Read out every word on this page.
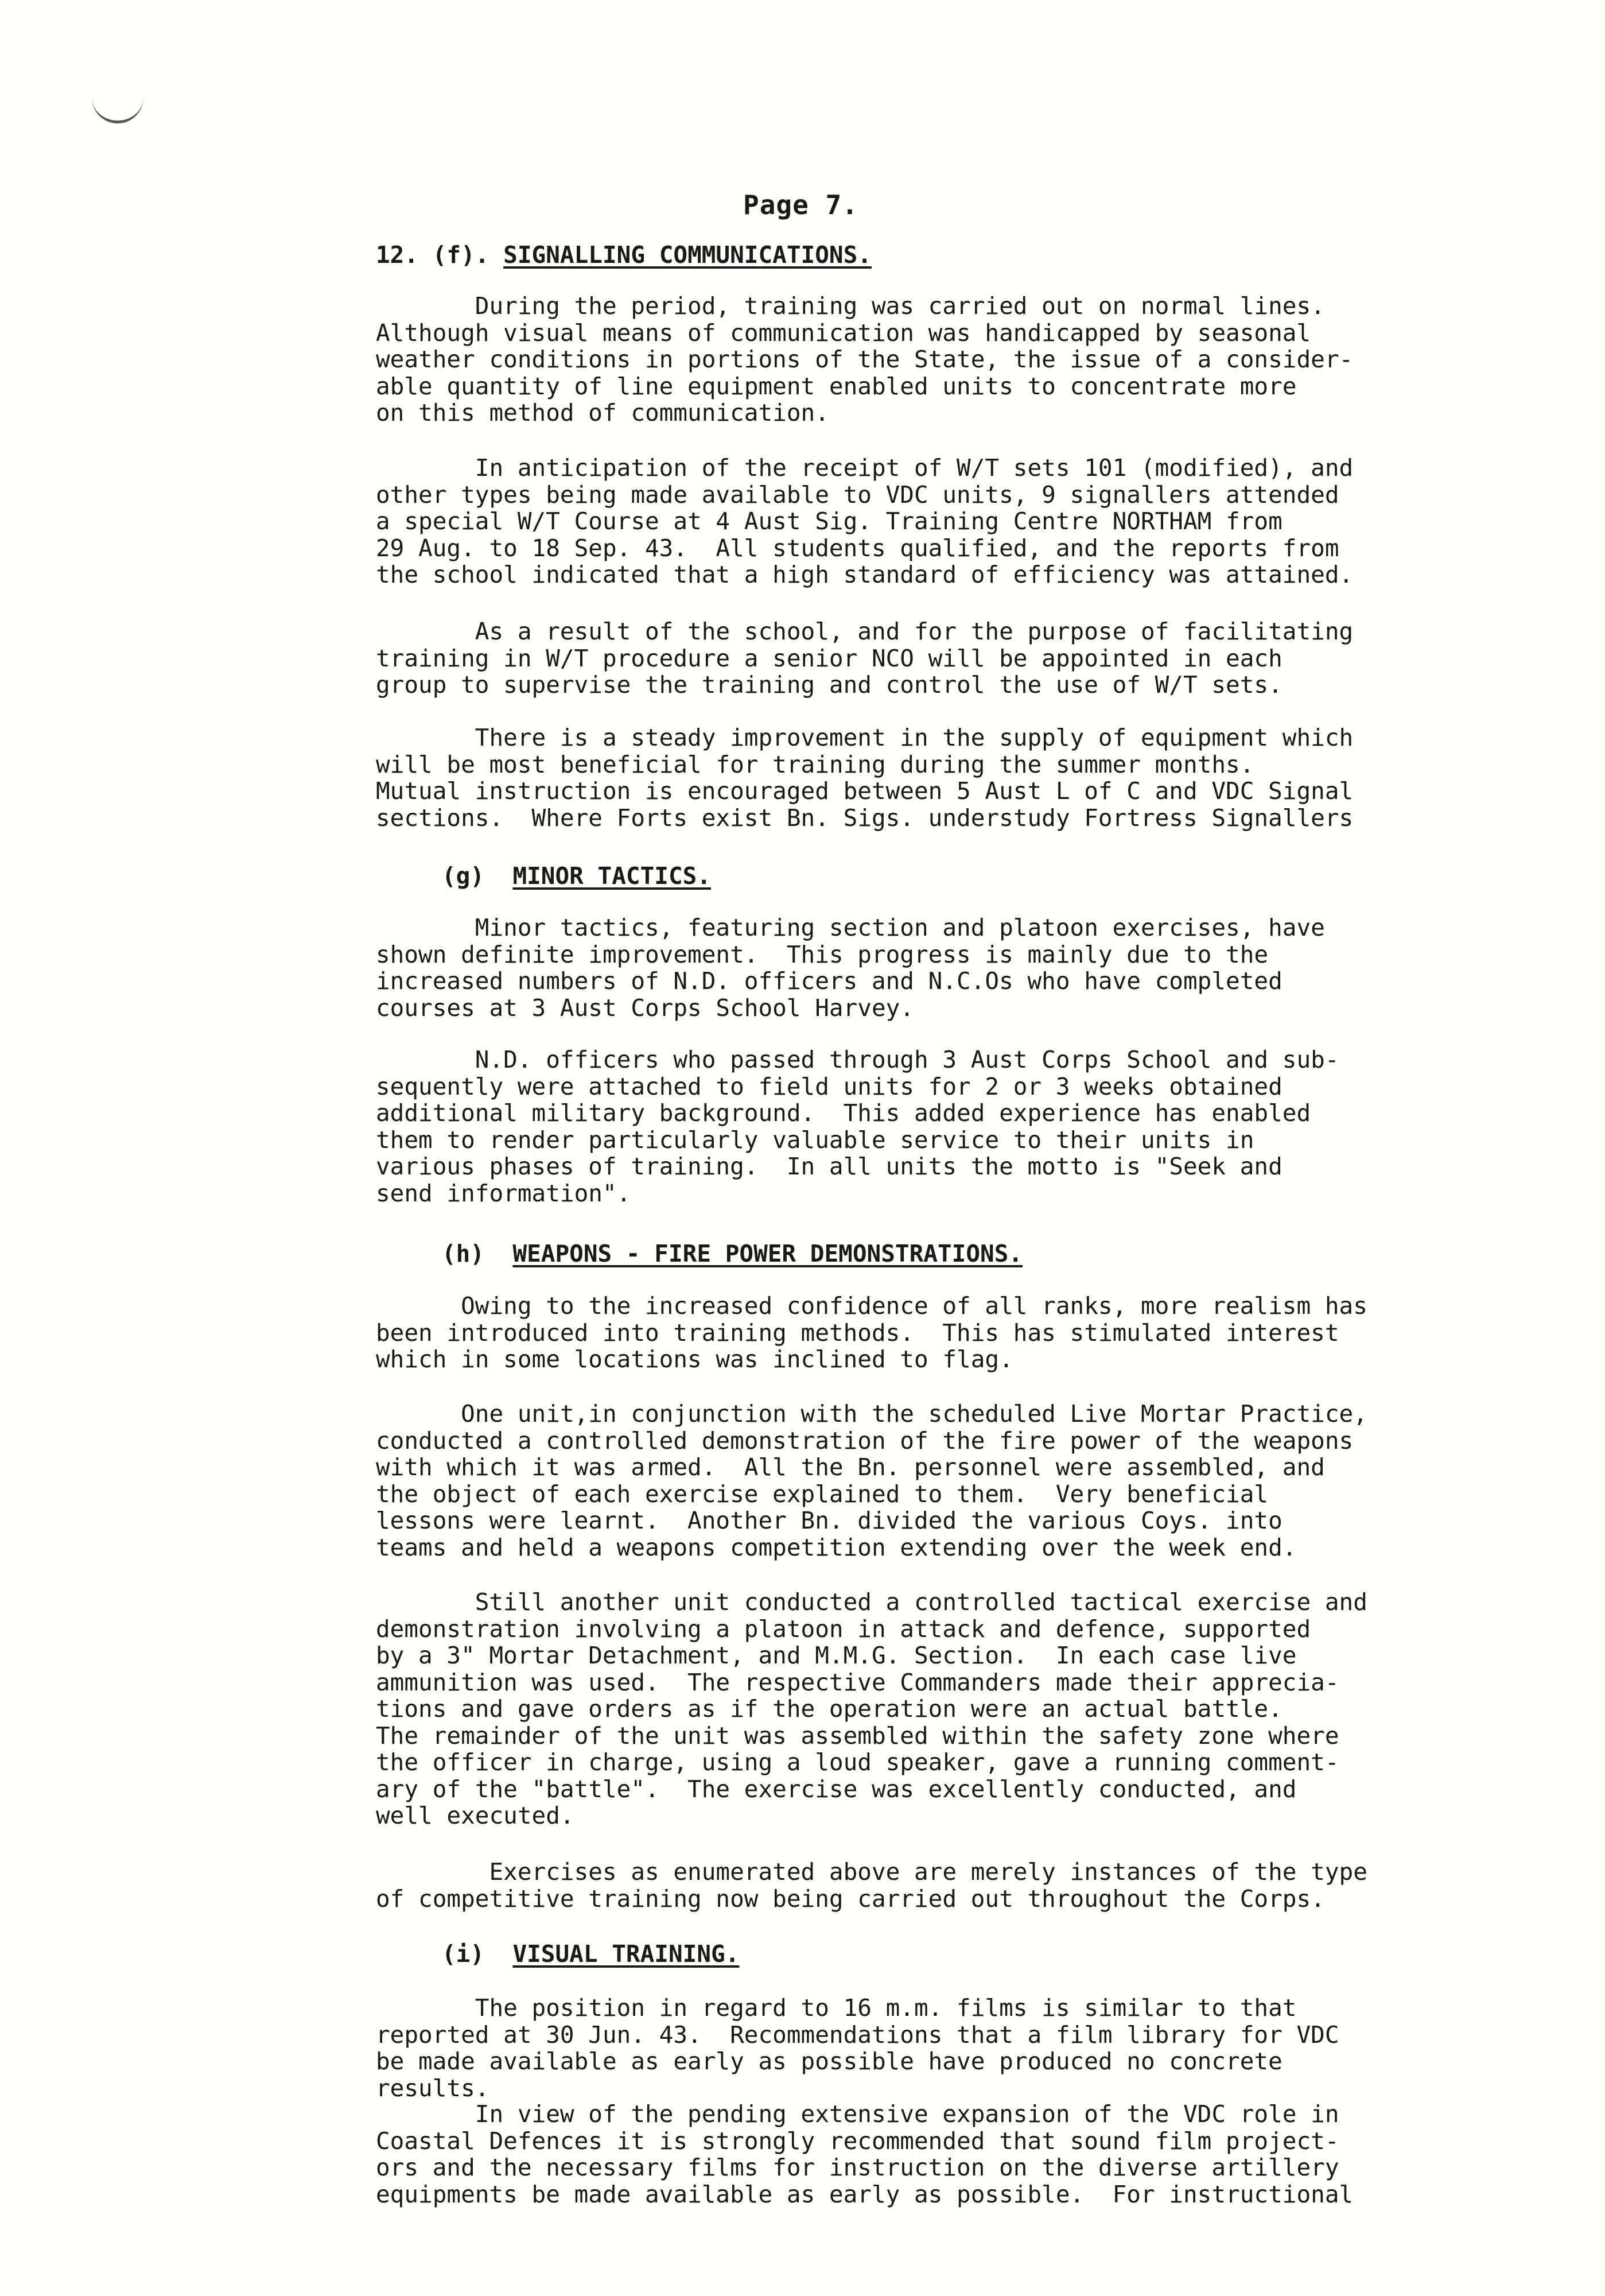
Page 7.
12. (f). SIGNALLING COMMUNICATIONS.
During the period, training was carried out on normal lines.
Although visual means of communication was handicapped by seasonal
weather conditions in portions of the State, the issue of a consider-
able quantity of line equipment enabled units to concentrate more
on this method of communication.
In anticipation of the receipt of W/T sets 101 (modified), and
other types being made available to VDC units, 9 signallers attended
a special W/T Course at 4 Aust Sig. Training Centre NORTHAM from
29 Aug. to 18 Sep. 43.  All students qualified, and the reports from
the school indicated that a high standard of efficiency was attained.
As a result of the school, and for the purpose of facilitating
training in W/T procedure a senior NCO will be appointed in each
group to supervise the training and control the use of W/T sets.
There is a steady improvement in the supply of equipment which
will be most beneficial for training during the summer months.
Mutual instruction is encouraged between 5 Aust L of C and VDC Signal
sections.  Where Forts exist Bn. Sigs. understudy Fortress Signallers
(g) MINOR TACTICS.
Minor tactics, featuring section and platoon exercises, have
shown definite improvement.  This progress is mainly due to the
increased numbers of N.D. officers and N.C.Os who have completed
courses at 3 Aust Corps School Harvey.
N.D. officers who passed through 3 Aust Corps School and sub-
sequently were attached to field units for 2 or 3 weeks obtained
additional military background.  This added experience has enabled
them to render particularly valuable service to their units in
various phases of training.  In all units the motto is "Seek and
send information".
(h) WEAPONS - FIRE POWER DEMONSTRATIONS.
Owing to the increased confidence of all ranks, more realism has
been introduced into training methods.  This has stimulated interest
which in some locations was inclined to flag.
One unit,in conjunction with the scheduled Live Mortar Practice,
conducted a controlled demonstration of the fire power of the weapons
with which it was armed.  All the Bn. personnel were assembled, and
the object of each exercise explained to them.  Very beneficial
lessons were learnt.  Another Bn. divided the various Coys. into
teams and held a weapons competition extending over the week end.
Still another unit conducted a controlled tactical exercise and
demonstration involving a platoon in attack and defence, supported
by a 3" Mortar Detachment, and M.M.G. Section.  In each case live
ammunition was used.  The respective Commanders made their apprecia-
tions and gave orders as if the operation were an actual battle.
The remainder of the unit was assembled within the safety zone where
the officer in charge, using a loud speaker, gave a running comment-
ary of the "battle".  The exercise was excellently conducted, and
well executed.
Exercises as enumerated above are merely instances of the type
of competitive training now being carried out throughout the Corps.
(i) VISUAL TRAINING.
The position in regard to 16 m.m. films is similar to that
reported at 30 Jun. 43.  Recommendations that a film library for VDC
be made available as early as possible have produced no concrete
results.
In view of the pending extensive expansion of the VDC role in
Coastal Defences it is strongly recommended that sound film project-
ors and the necessary films for instruction on the diverse artillery
equipments be made available as early as possible.  For instructional
